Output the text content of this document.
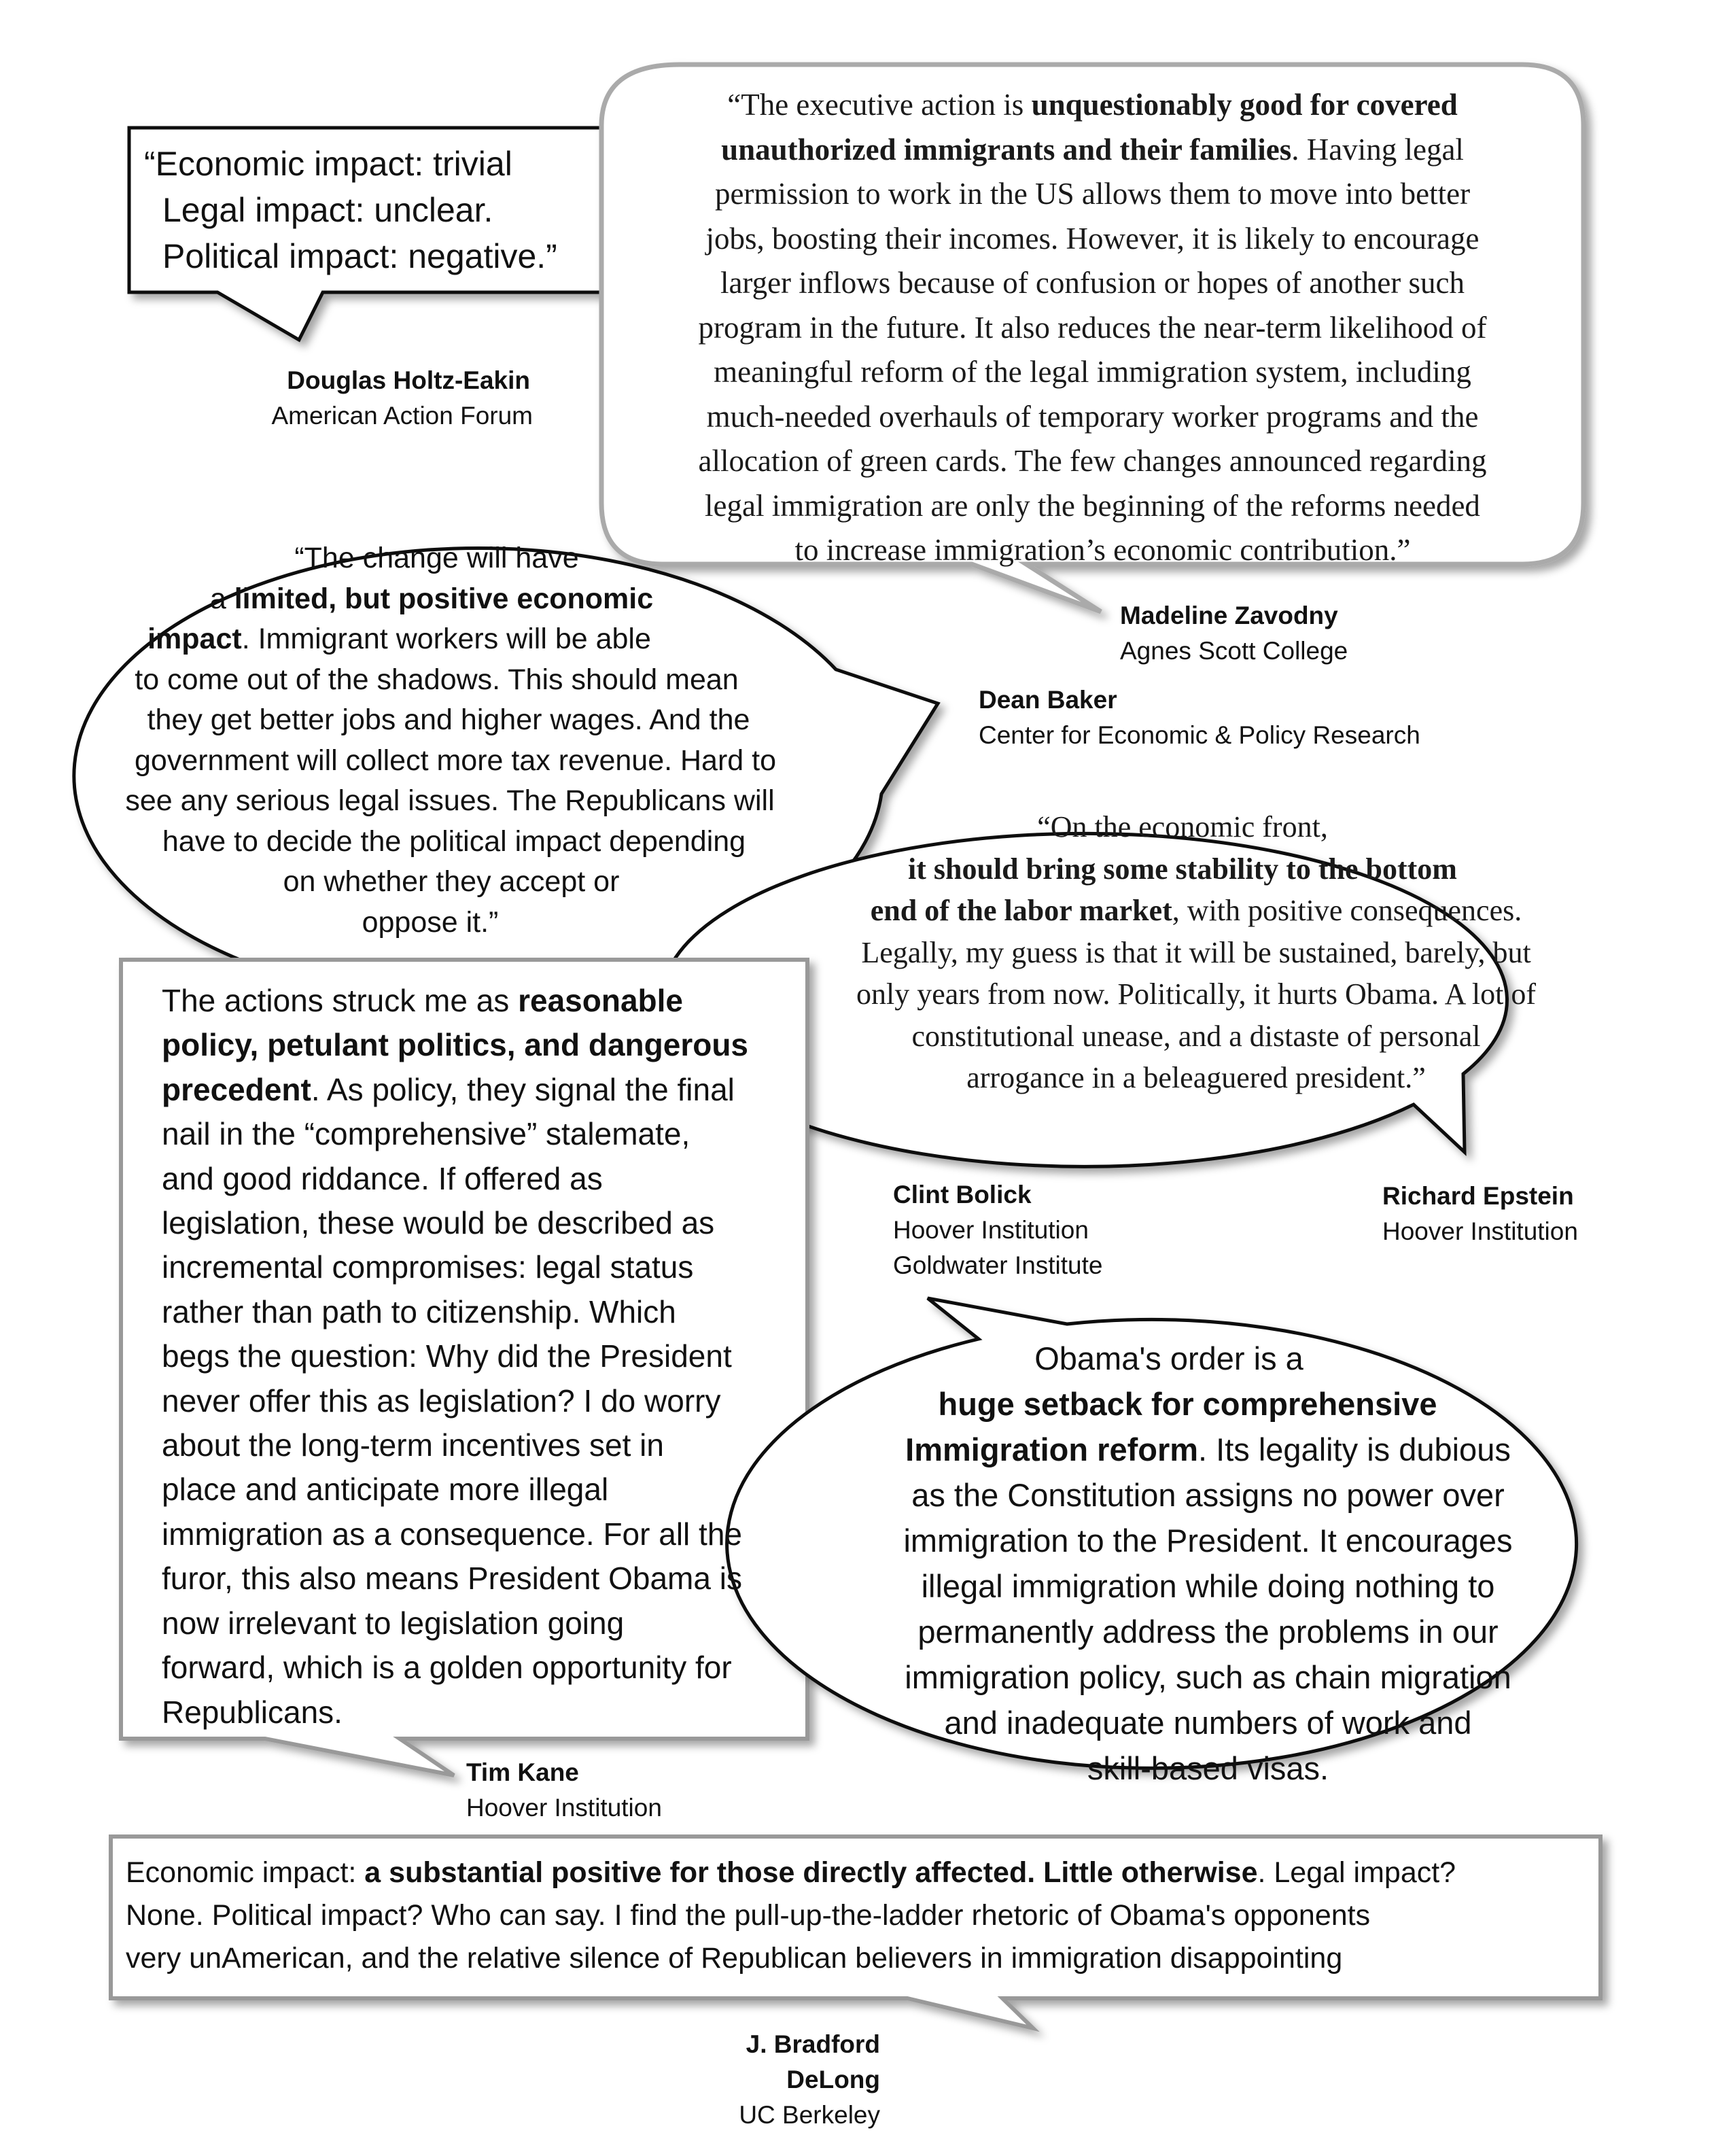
“Economic impact: trivial
Legal impact: unclear.
Political impact: negative.”
Douglas Holtz-Eakin
American Action Forum
“The executive action is unquestionably good for covered
unauthorized immigrants and their families. Having legal
permission to work in the US allows them to move into better
jobs, boosting their incomes. However, it is likely to encourage
larger inflows because of confusion or hopes of another such
program in the future. It also reduces the near-term likelihood of
meaningful reform of the legal immigration system, including
much-needed overhauls of temporary worker programs and the
allocation of green cards. The few changes announced regarding
legal immigration are only the beginning of the reforms needed
to increase immigration’s economic contribution.”
Madeline Zavodny
Agnes Scott College
“The change will have
a limited, but positive economic
impact. Immigrant workers will be able
to come out of the shadows. This should mean
they get better jobs and higher wages. And the
government will collect more tax revenue. Hard to
see any serious legal issues. The Republicans will
have to decide the political impact depending
on whether they accept or
oppose it.”
Dean Baker
Center for Economic & Policy Research
“On the economic front,
it should bring some stability to the bottom
end of the labor market, with positive consequences.
Legally, my guess is that it will be sustained, barely, but
only years from now. Politically, it hurts Obama. A lot of
constitutional unease, and a distaste of personal
arrogance in a beleaguered president.”
Richard Epstein
Hoover Institution
The actions struck me as reasonable
policy, petulant politics, and dangerous
precedent. As policy, they signal the final
nail in the “comprehensive” stalemate,
and good riddance. If offered as
legislation, these would be described as
incremental compromises: legal status
rather than path to citizenship. Which
begs the question: Why did the President
never offer this as legislation? I do worry
about the long-term incentives set in
place and anticipate more illegal
immigration as a consequence. For all the
furor, this also means President Obama is
now irrelevant to legislation going
forward, which is a golden opportunity for
Republicans.
Tim Kane
Hoover Institution
Obama's order is a
huge setback for comprehensive
Immigration reform. Its legality is dubious
as the Constitution assigns no power over
immigration to the President. It encourages
illegal immigration while doing nothing to
permanently address the problems in our
immigration policy, such as chain migration
and inadequate numbers of work and
skill-based visas.
Clint Bolick
Hoover Institution
Goldwater Institute
Economic impact: a substantial positive for those directly affected. Little otherwise. Legal impact?
None. Political impact? Who can say. I find the pull-up-the-ladder rhetoric of Obama's opponents
very unAmerican, and the relative silence of Republican believers in immigration disappointing
J. Bradford DeLong
UC Berkeley
